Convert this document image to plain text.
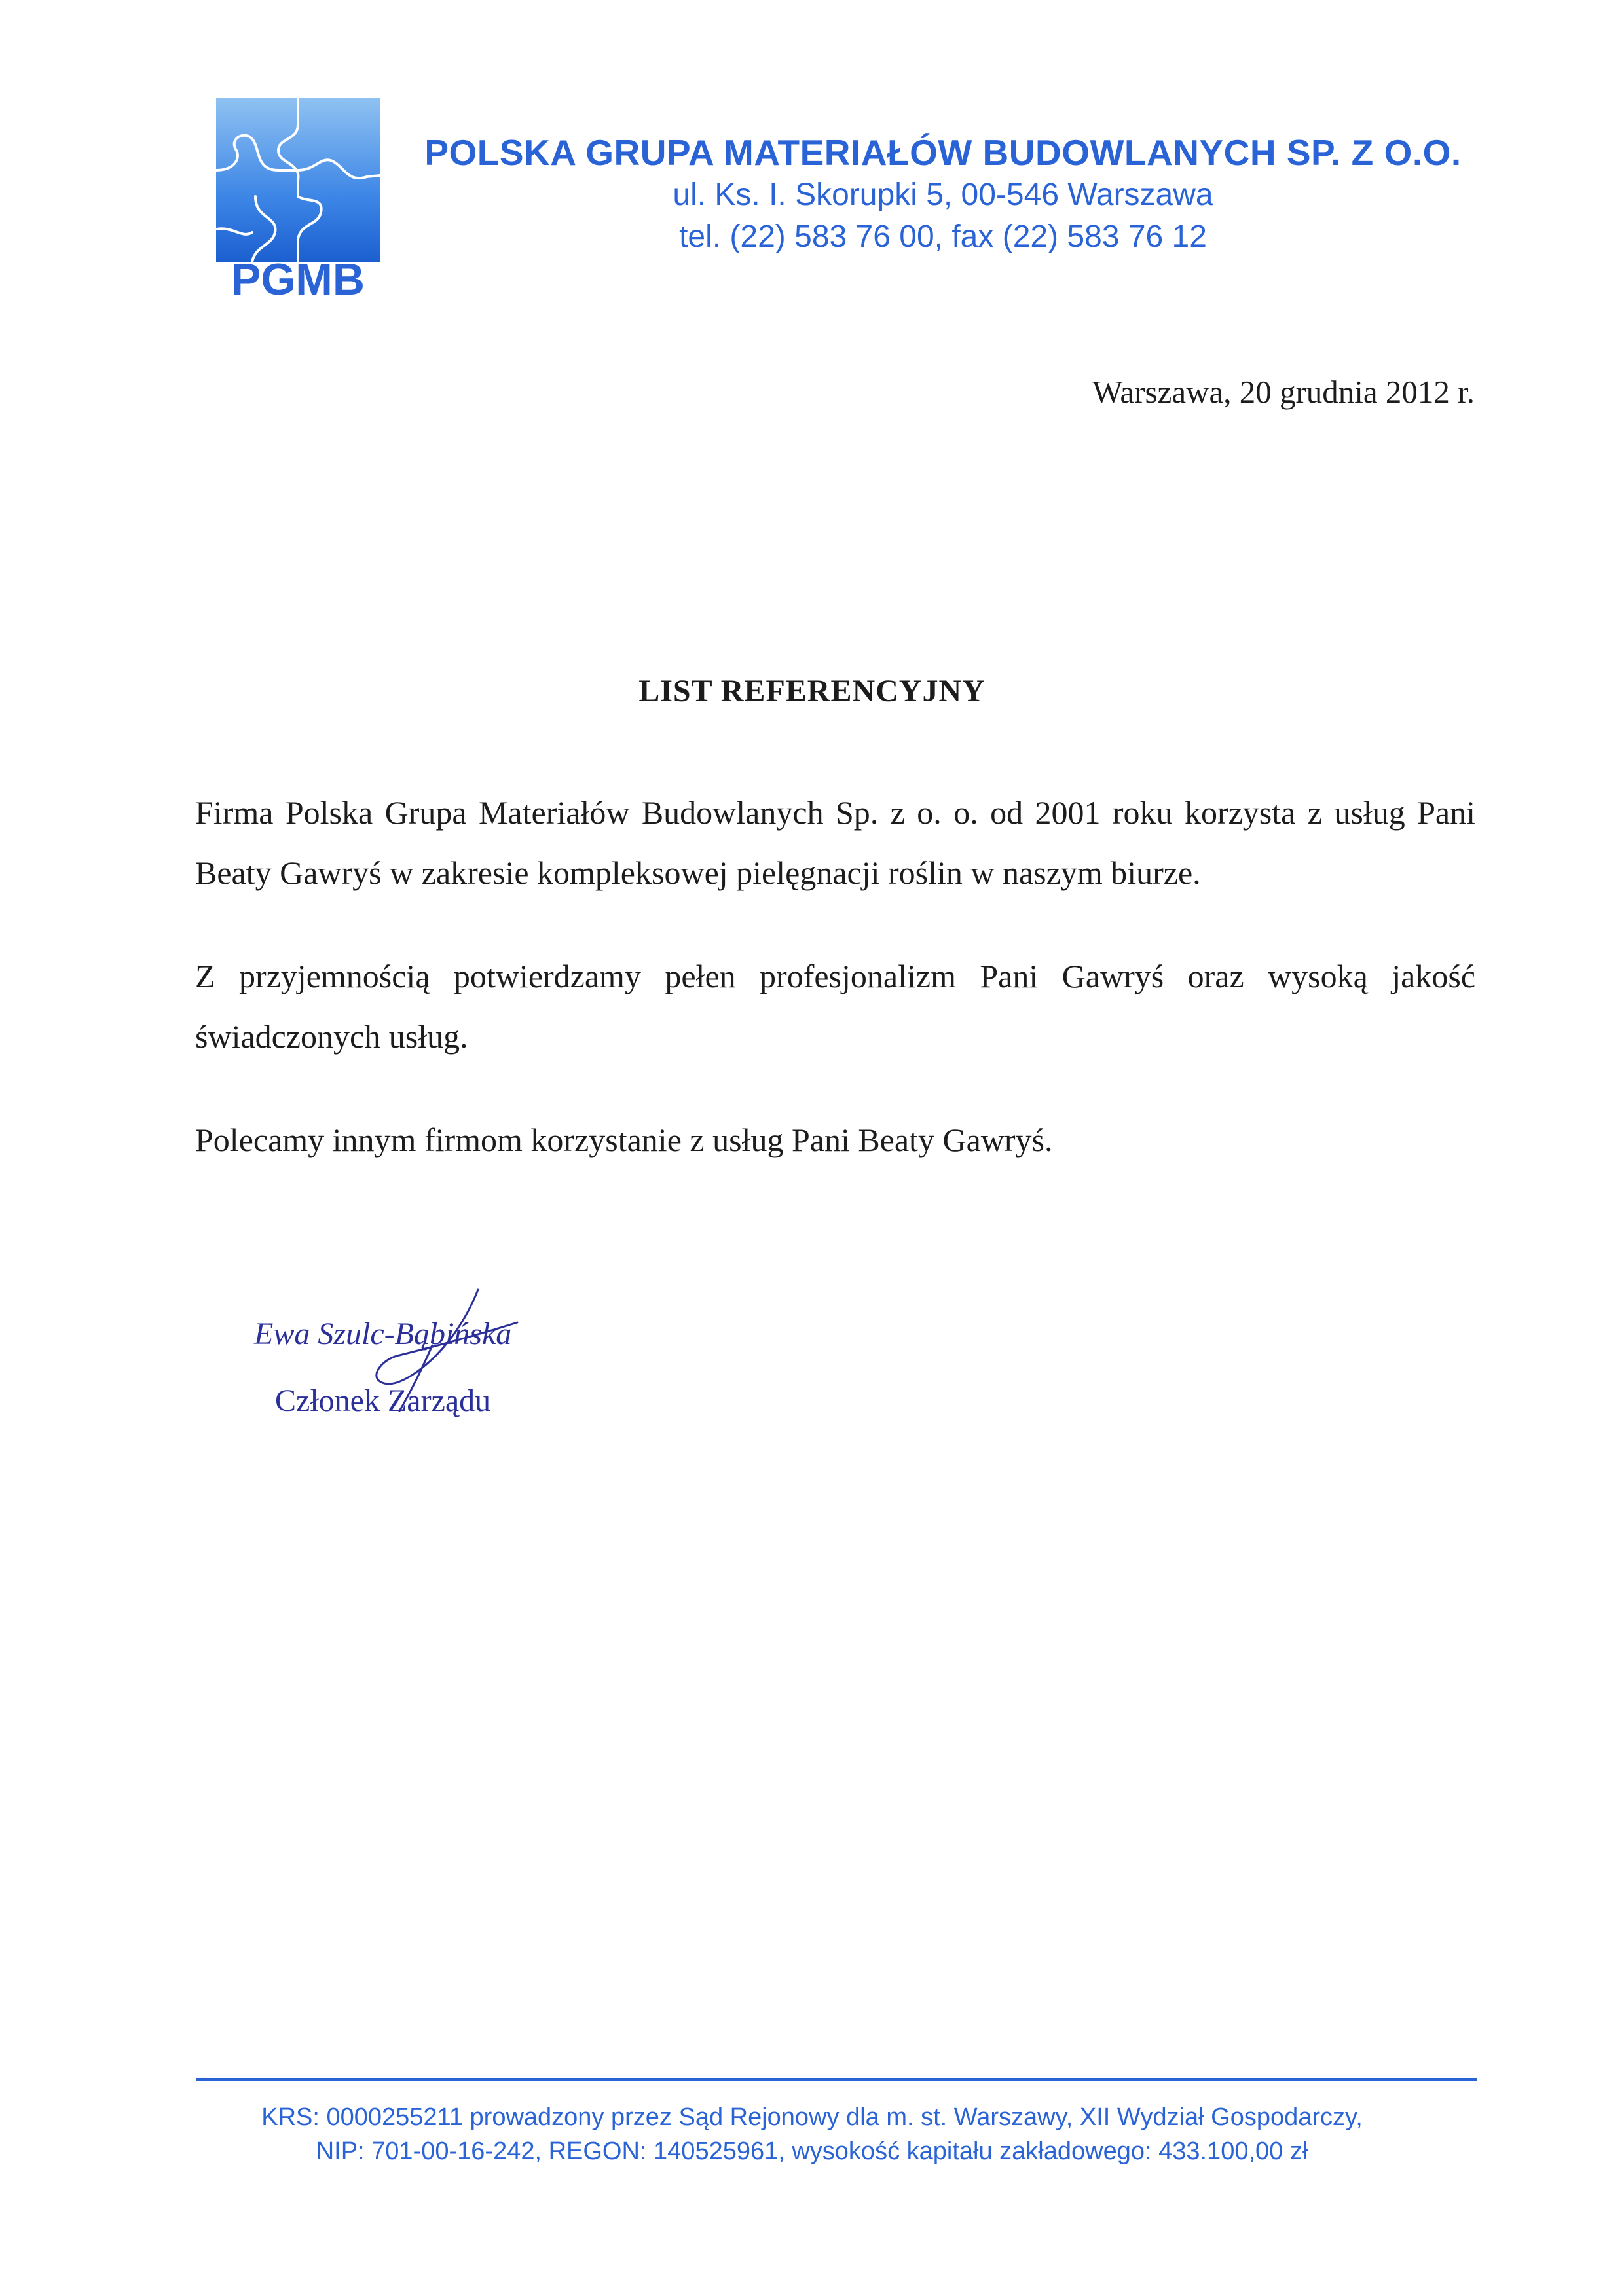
PGMB
POLSKA GRUPA MATERIAŁÓW BUDOWLANYCH SP. Z O.O.
ul. Ks. I. Skorupki 5, 00-546 Warszawa
tel. (22) 583 76 00, fax (22) 583 76 12
Warszawa, 20 grudnia 2012 r.
LIST REFERENCYJNY

Firma Polska Grupa Materiałów Budowlanych Sp. z o. o. od 2001 roku korzysta z usług Pani Beaty Gawryś w zakresie kompleksowej pielęgnacji roślin w naszym biurze.

Z przyjemnością potwierdzamy pełen profesjonalizm Pani Gawryś oraz wysoką jakość świadczonych usług.

Polecamy innym firmom korzystanie z usług Pani Beaty Gawryś.

Ewa Szulc-Bąbińska
Członek Zarządu
KRS: 0000255211 prowadzony przez Sąd Rejonowy dla m. st. Warszawy, XII Wydział Gospodarczy,
NIP: 701-00-16-242, REGON: 140525961, wysokość kapitału zakładowego: 433.100,00 zł
